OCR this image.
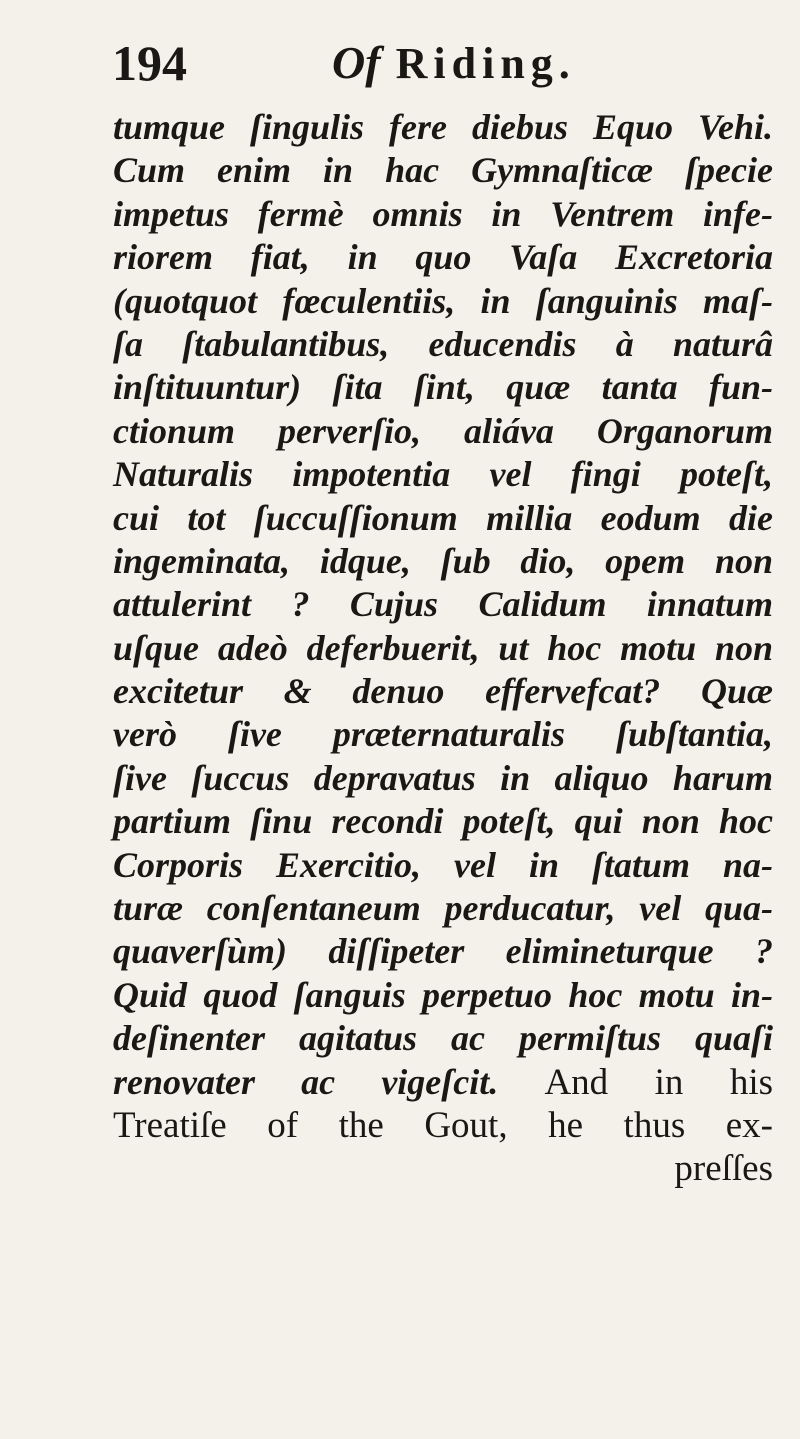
194	Of Riding.
tumque ſingulis fere diebus Equo Vehi.
Cum enim in hac Gymnaſticæ ſpecie
impetus fermè omnis in Ventrem infe-
riorem fiat, in quo Vaſa Excretoria
(quotquot fœculentiis, in ſanguinis maſ-
ſa ſtabulantibus, educendis à naturâ
inſtituuntur) ſita ſint, quæ tanta fun-
ctionum perverſio, aliáva Organorum
Naturalis impotentia vel fingi poteſt,
cui tot ſuccuſſionum millia eodum die
ingeminata, idque, ſub dio, opem non
attulerint ? Cujus Calidum innatum
uſque adeò deferbuerit, ut hoc motu non
excitetur & denuo effervefcat? Quæ
verò ſive præternaturalis ſubſtantia,
ſive ſuccus depravatus in aliquo harum
partium ſinu recondi poteſt, qui non hoc
Corporis Exercitio, vel in ſtatum na-
turæ conſentaneum perducatur, vel qua-
quaverſùm) diſſipeter elimineturque ?
Quid quod ſanguis perpetuo hoc motu in-
deſinenter agitatus ac permiſtus quaſi
renovater ac vigeſcit. And in his
Treatiſe of the Gout, he thus ex-
preſſes
